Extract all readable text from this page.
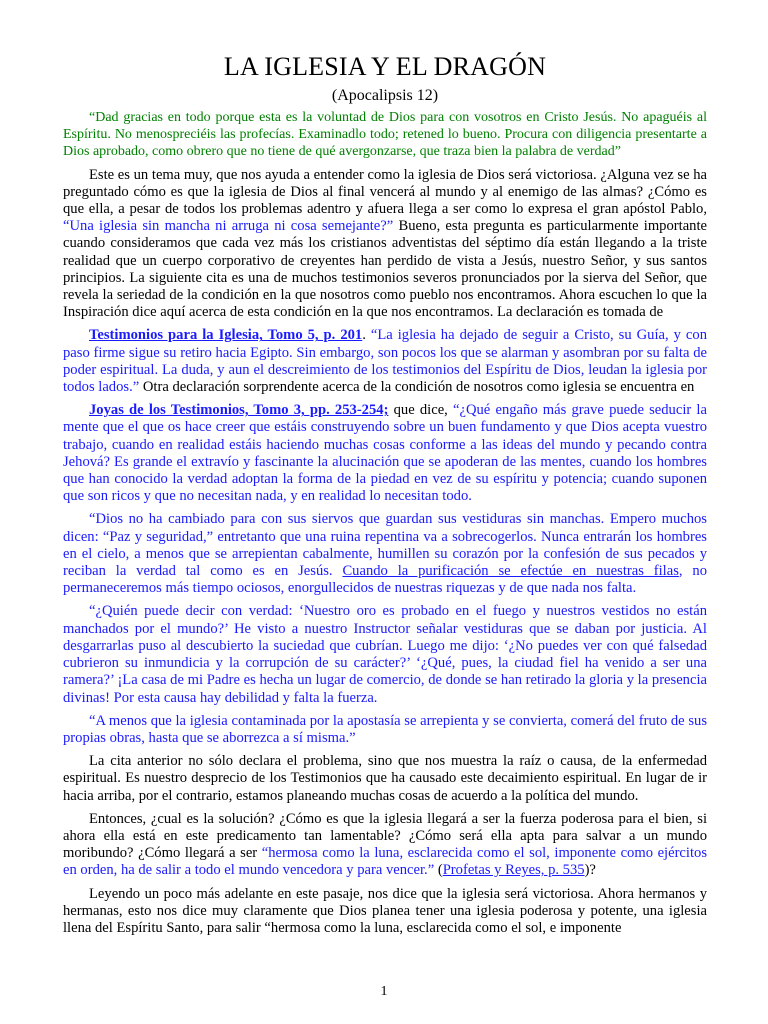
LA IGLESIA Y EL DRAGÓN
(Apocalipsis 12)

“Dad gracias en todo porque esta es la voluntad de Dios para con vosotros en Cristo Jesús. No apaguéis al Espíritu. No menospreciéis las profecías. Examinadlo todo; retened lo bueno. Procura con diligencia presentarte a Dios aprobado, como obrero que no tiene de qué avergonzarse, que traza bien la palabra de verdad”

Este es un tema muy, que nos ayuda a entender como la iglesia de Dios será victoriosa. ¿Alguna vez se ha preguntado cómo es que la iglesia de Dios al final vencerá al mundo y al enemigo de las almas? ¿Cómo es que ella, a pesar de todos los problemas adentro y afuera llega a ser como lo expresa el gran apóstol Pablo, “Una iglesia sin mancha ni arruga ni cosa semejante?” Bueno, esta pregunta es particularmente importante cuando consideramos que cada vez más los cristianos adventistas del séptimo día están llegando a la triste realidad que un cuerpo corporativo de creyentes han perdido de vista a Jesús, nuestro Señor, y sus santos principios. La siguiente cita es una de muchos testimonios severos pronunciados por la sierva del Señor, que revela la seriedad de la condición en la que nosotros como pueblo nos encontramos. Ahora escuchen lo que la Inspiración dice aquí acerca de esta condición en la que nos encontramos. La declaración es tomada de

Testimonios para la Iglesia, Tomo 5, p. 201. “La iglesia ha dejado de seguir a Cristo, su Guía, y con paso firme sigue su retiro hacia Egipto. Sin embargo, son pocos los que se alarman y asombran por su falta de poder espiritual. La duda, y aun el descreimiento de los testimonios del Espíritu de Dios, leudan la iglesia por todos lados.” Otra declaración sorprendente acerca de la condición de nosotros como iglesia se encuentra en

Joyas de los Testimonios, Tomo 3, pp. 253-254; que dice, “¿Qué engaño más grave puede seducir la mente que el que os hace creer que estáis construyendo sobre un buen fundamento y que Dios acepta vuestro trabajo, cuando en realidad estáis haciendo muchas cosas conforme a las ideas del mundo y pecando contra Jehová? Es grande el extravío y fascinante la alucinación que se apoderan de las mentes, cuando los hombres que han conocido la verdad adoptan la forma de la piedad en vez de su espíritu y potencia; cuando suponen que son ricos y que no necesitan nada, y en realidad lo necesitan todo.

“Dios no ha cambiado para con sus siervos que guardan sus vestiduras sin manchas. Empero muchos dicen: “Paz y seguridad,” entretanto que una ruina repentina va a sobrecogerlos. Nunca entrarán los hombres en el cielo, a menos que se arrepientan cabalmente, humillen su corazón por la confesión de sus pecados y reciban la verdad tal como es en Jesús. Cuando la purificación se efectúe en nuestras filas, no permaneceremos más tiempo ociosos, enorgullecidos de nuestras riquezas y de que nada nos falta.

“¿Quién puede decir con verdad: ‘Nuestro oro es probado en el fuego y nuestros vestidos no están manchados por el mundo?’ He visto a nuestro Instructor señalar vestiduras que se daban por justicia. Al desgarrarlas puso al descubierto la suciedad que cubrían. Luego me dijo: ‘¿No puedes ver con qué falsedad cubrieron su inmundicia y la corrupción de su carácter?’ ‘¿Qué, pues, la ciudad fiel ha venido a ser una ramera?’ ¡La casa de mi Padre es hecha un lugar de comercio, de donde se han retirado la gloria y la presencia divinas! Por esta causa hay debilidad y falta la fuerza.

“A menos que la iglesia contaminada por la apostasía se arrepienta y se convierta, comerá del fruto de sus propias obras, hasta que se aborrezca a sí misma.”

La cita anterior no sólo declara el problema, sino que nos muestra la raíz o causa, de la enfermedad espiritual. Es nuestro desprecio de los Testimonios que ha causado este decaimiento espiritual. En lugar de ir hacia arriba, por el contrario, estamos planeando muchas cosas de acuerdo a la política del mundo.

Entonces, ¿cual es la solución? ¿Cómo es que la iglesia llegará a ser la fuerza poderosa para el bien, si ahora ella está en este predicamento tan lamentable? ¿Cómo será ella apta para salvar a un mundo moribundo? ¿Cómo llegará a ser “hermosa como la luna, esclarecida como el sol, imponente como ejércitos en orden, ha de salir a todo el mundo vencedora y para vencer.” (Profetas y Reyes, p. 535)?

Leyendo un poco más adelante en este pasaje, nos dice que la iglesia será victoriosa. Ahora hermanos y hermanas, esto nos dice muy claramente que Dios planea tener una iglesia poderosa y potente, una iglesia llena del Espíritu Santo, para salir “hermosa como la luna, esclarecida como el sol, e imponente

1
